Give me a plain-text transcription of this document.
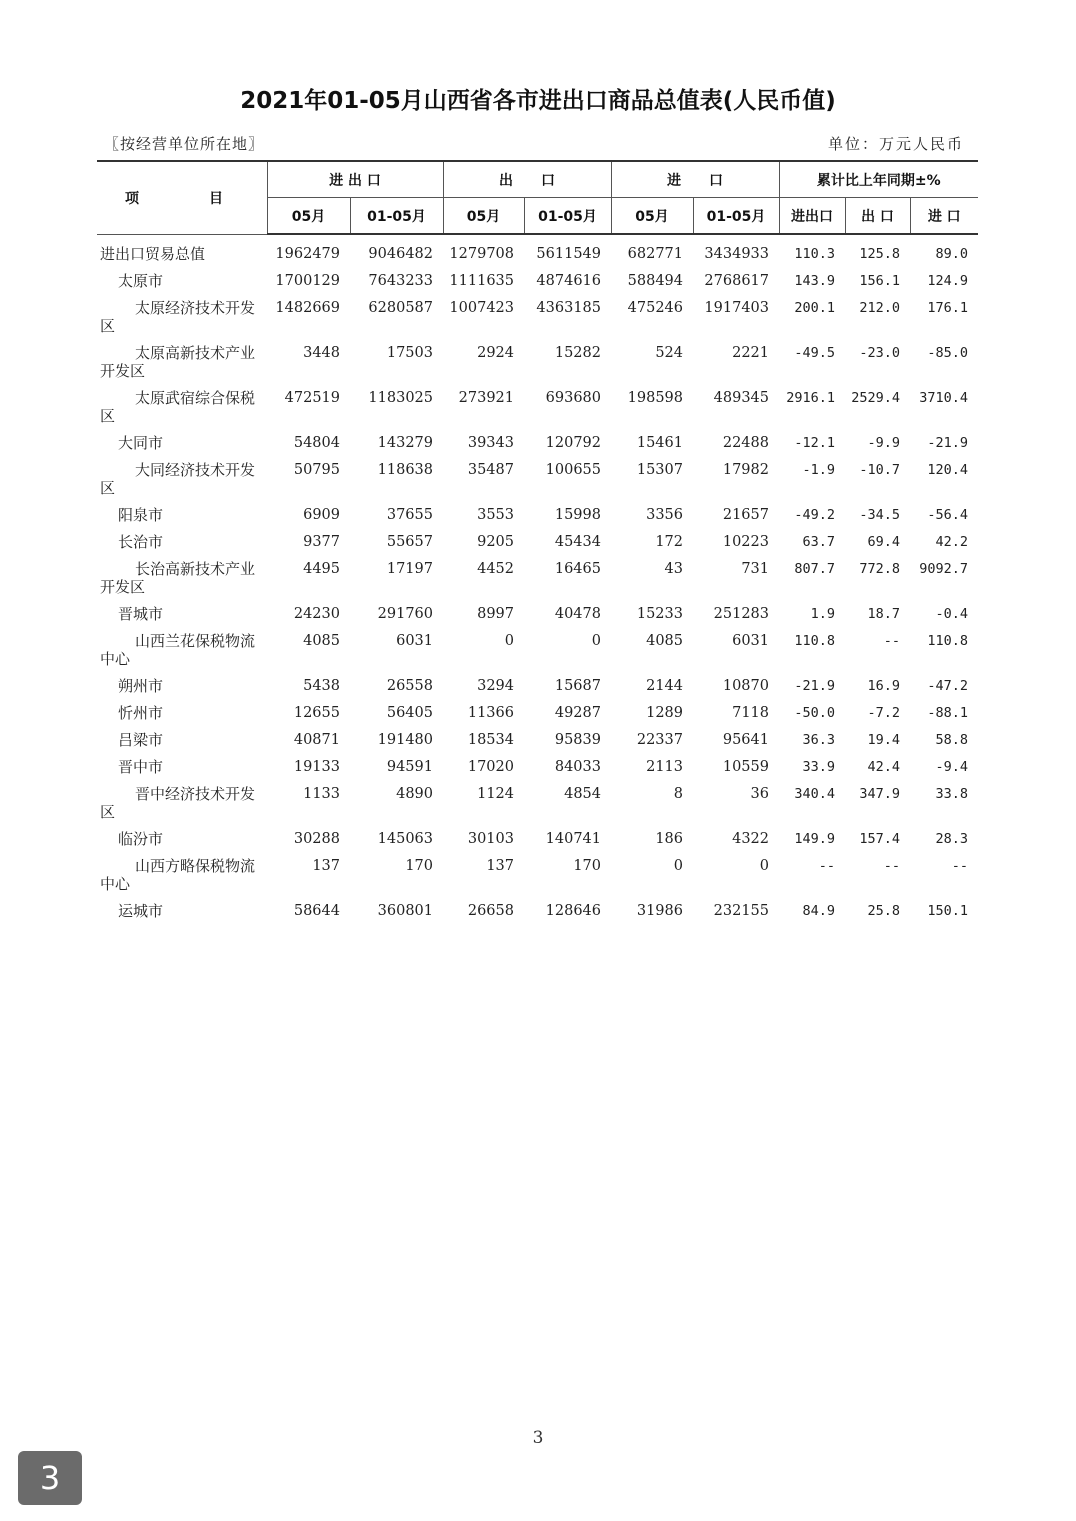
2021年01-05月山西省各市进出口商品总值表(人民币值)
〖按经营单位所在地〗	单位：万元人民币
项 目	进 出 口		出　　口		进　　口		累计比上年同期±%		
	05月	01-05月	05月	01-05月	05月	01-05月	进出口	出 口	进 口
进出口贸易总值	1962479	9046482	1279708	5611549	682771	3434933	110.3	125.8	89.0
太原市	1700129	7643233	1111635	4874616	588494	2768617	143.9	156.1	124.9
太原经济技术开发区	1482669	6280587	1007423	4363185	475246	1917403	200.1	212.0	176.1
太原高新技术产业开发区	3448	17503	2924	15282	524	2221	-49.5	-23.0	-85.0
太原武宿综合保税区	472519	1183025	273921	693680	198598	489345	2916.1	2529.4	3710.4
大同市	54804	143279	39343	120792	15461	22488	-12.1	-9.9	-21.9
大同经济技术开发区	50795	118638	35487	100655	15307	17982	-1.9	-10.7	120.4
阳泉市	6909	37655	3553	15998	3356	21657	-49.2	-34.5	-56.4
长治市	9377	55657	9205	45434	172	10223	63.7	69.4	42.2
长治高新技术产业开发区	4495	17197	4452	16465	43	731	807.7	772.8	9092.7
晋城市	24230	291760	8997	40478	15233	251283	1.9	18.7	-0.4
山西兰花保税物流中心	4085	6031	0	0	4085	6031	110.8	--	110.8
朔州市	5438	26558	3294	15687	2144	10870	-21.9	16.9	-47.2
忻州市	12655	56405	11366	49287	1289	7118	-50.0	-7.2	-88.1
吕梁市	40871	191480	18534	95839	22337	95641	36.3	19.4	58.8
晋中市	19133	94591	17020	84033	2113	10559	33.9	42.4	-9.4
晋中经济技术开发区	1133	4890	1124	4854	8	36	340.4	347.9	33.8
临汾市	30288	145063	30103	140741	186	4322	149.9	157.4	28.3
山西方略保税物流中心	137	170	137	170	0	0	--	--	--
运城市	58644	360801	26658	128646	31986	232155	84.9	25.8	150.1
3
3
